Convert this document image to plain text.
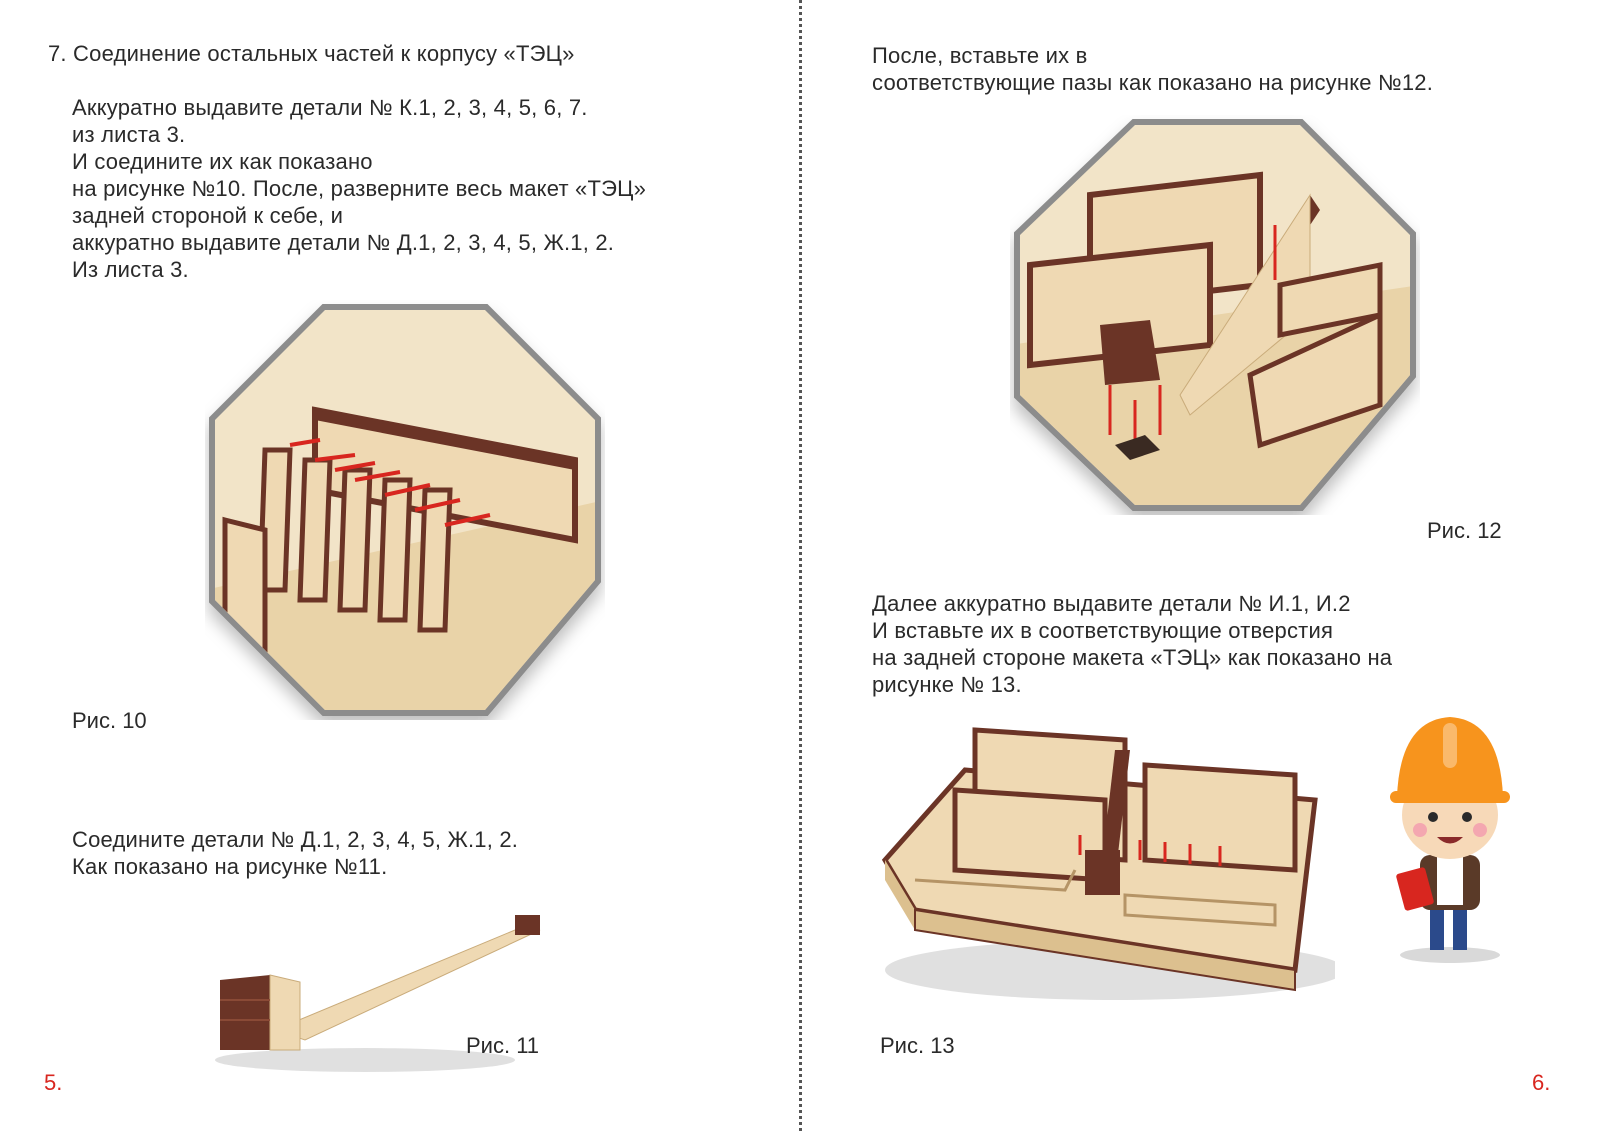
7. Соединение остальных частей к корпусу «ТЭЦ»
Аккуратно выдавите детали № К.1, 2, 3, 4, 5, 6, 7.
из листа 3.
И соедините их как показано
на рисунке №10. После, разверните весь макет «ТЭЦ»
задней стороной к себе, и
аккуратно выдавите детали № Д.1, 2, 3, 4, 5, Ж.1, 2.
Из листа 3.
Рис. 10
Соедините детали № Д.1, 2, 3, 4, 5, Ж.1, 2.
Как показано на рисунке №11.
Рис. 11
5.
После, вставьте их в
соответствующие пазы как показано на рисунке №12.
Рис. 12
Далее аккуратно выдавите детали № И.1, И.2
И вставьте их в соответствующие отверстия
на задней стороне макета «ТЭЦ» как показано на
рисунке № 13.
Рис. 13
6.
